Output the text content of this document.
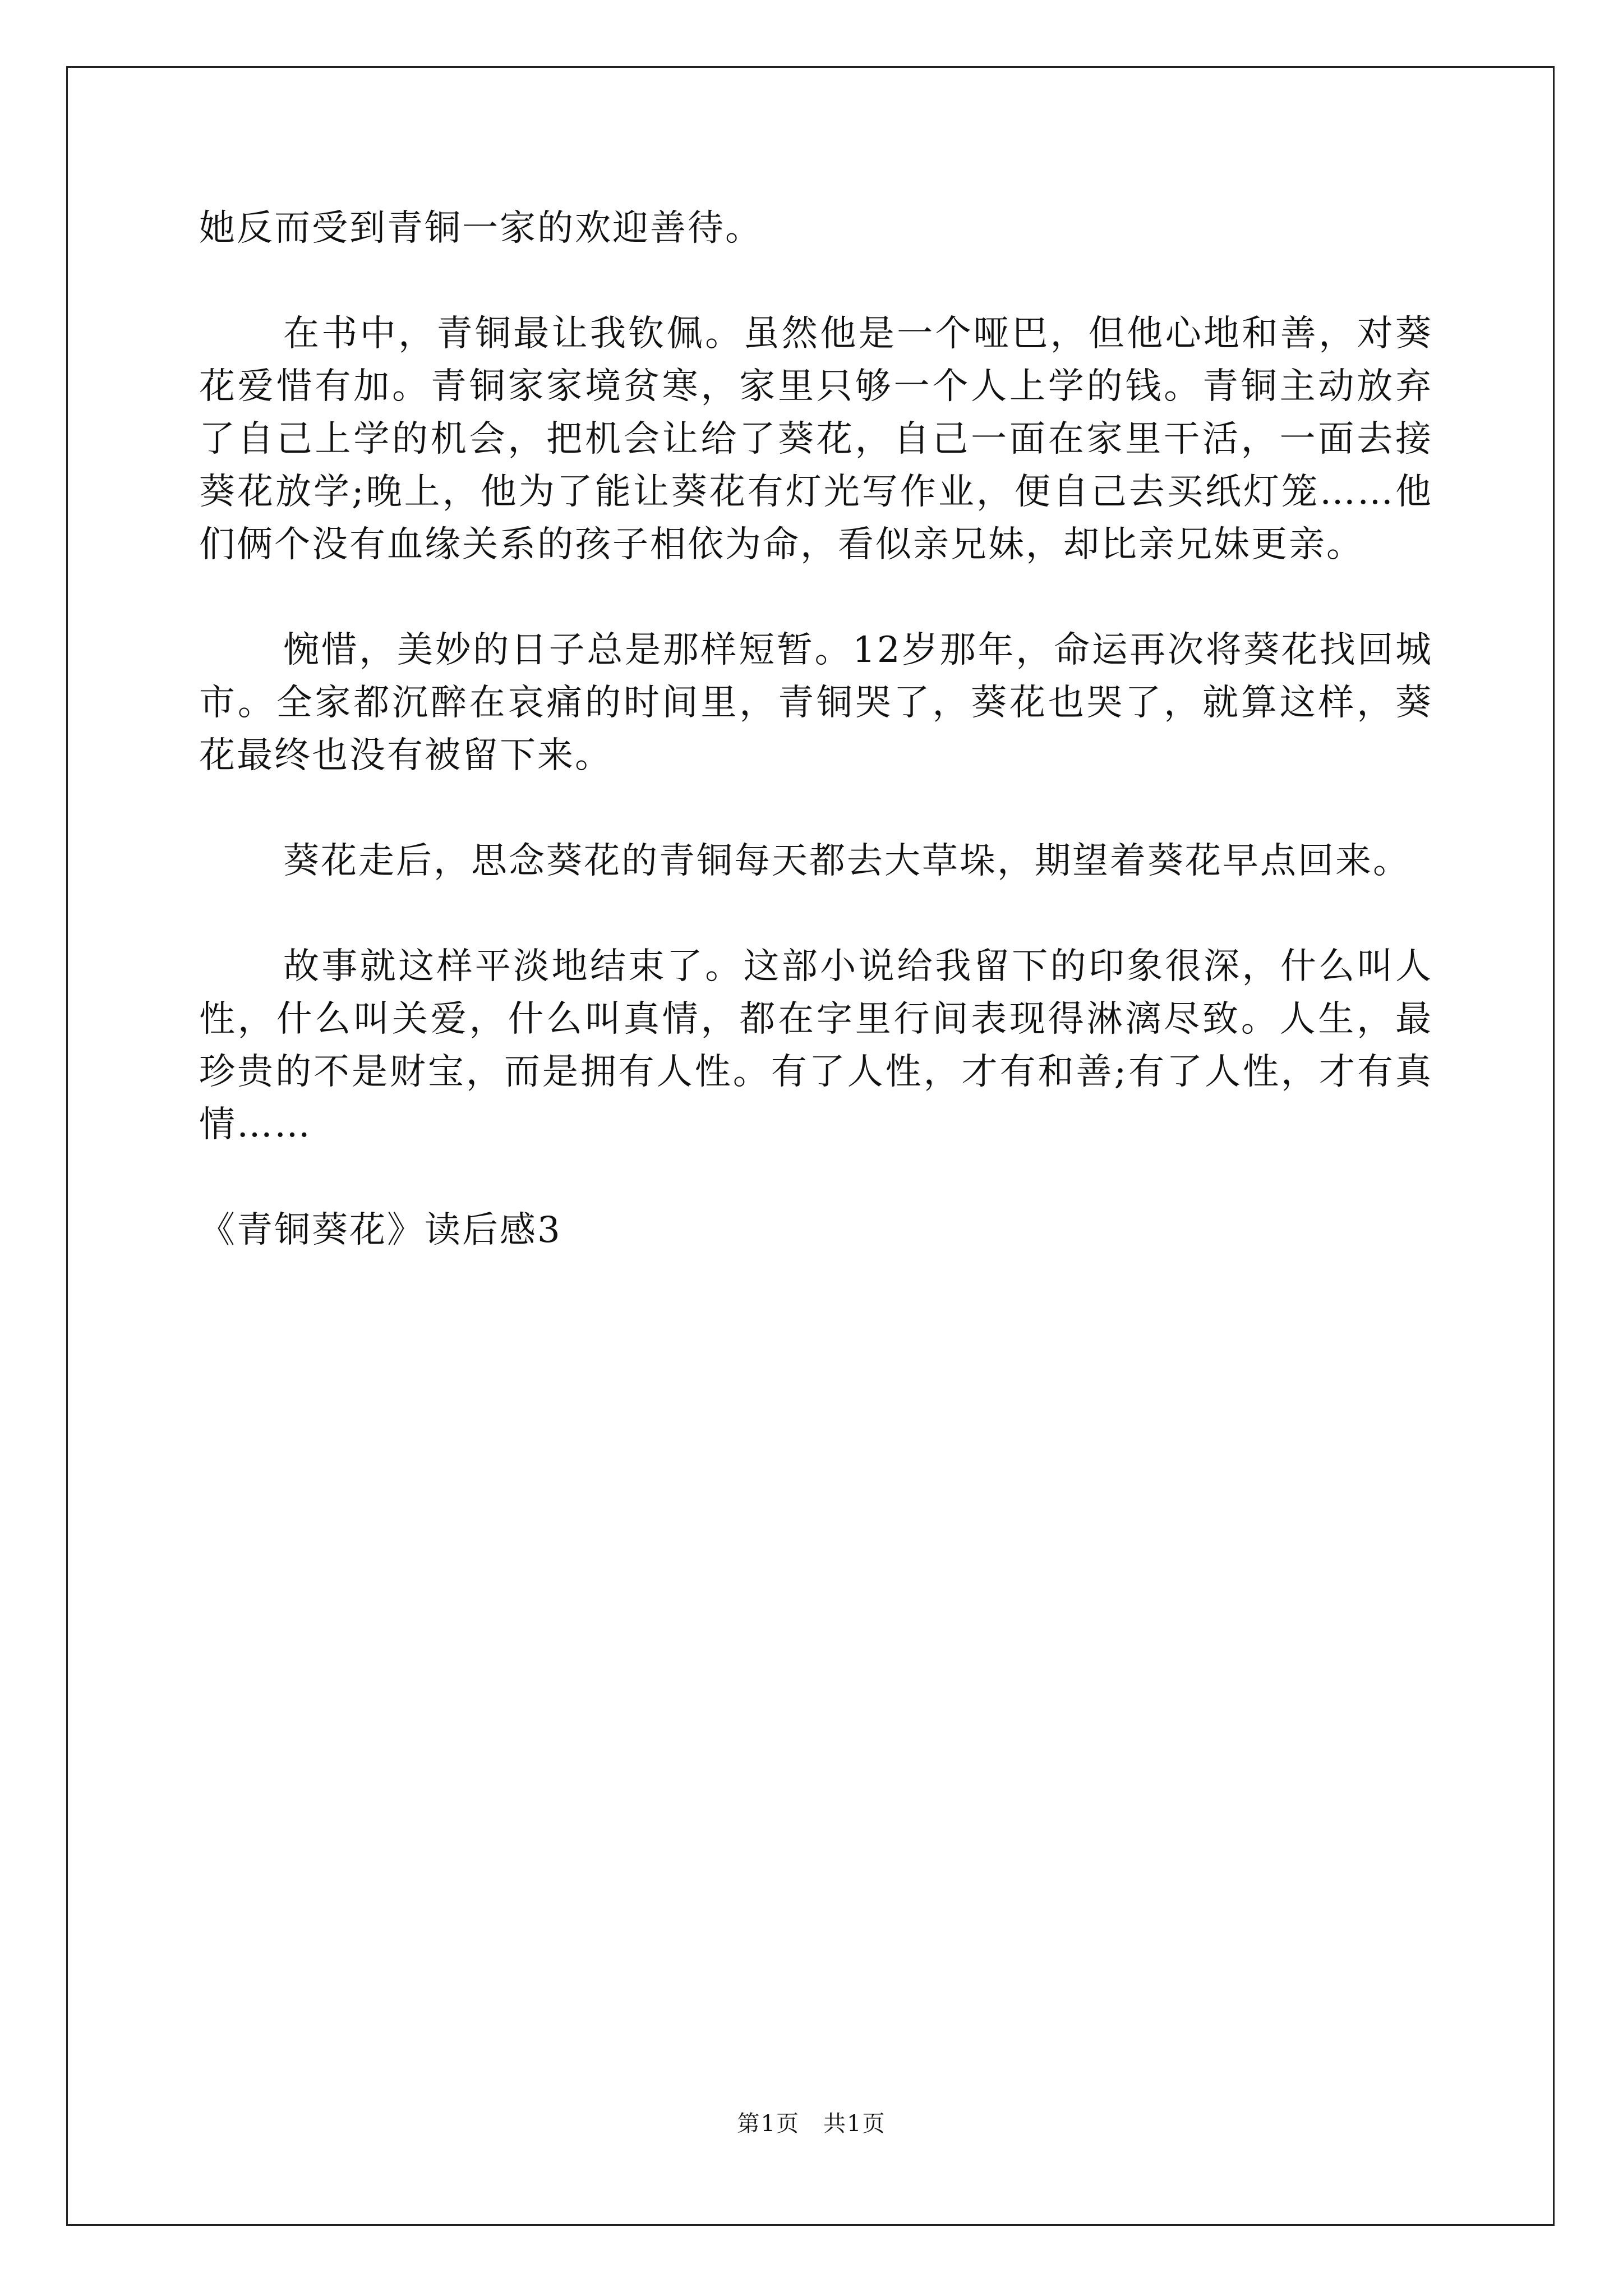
她反而受到青铜一家的欢迎善待。

在书中，青铜最让我钦佩。虽然他是一个哑巴，但他心地和善，对葵花爱惜有加。青铜家家境贫寒，家里只够一个人上学的钱。青铜主动放弃了自己上学的机会，把机会让给了葵花，自己一面在家里干活，一面去接葵花放学;晚上，他为了能让葵花有灯光写作业，便自己去买纸灯笼……他们俩个没有血缘关系的孩子相依为命，看似亲兄妹，却比亲兄妹更亲。

惋惜，美妙的日子总是那样短暂。12岁那年，命运再次将葵花找回城市。全家都沉醉在哀痛的时间里，青铜哭了，葵花也哭了，就算这样，葵花最终也没有被留下来。

葵花走后，思念葵花的青铜每天都去大草垛，期望着葵花早点回来。

故事就这样平淡地结束了。这部小说给我留下的印象很深，什么叫人性，什么叫关爱，什么叫真情，都在字里行间表现得淋漓尽致。人生，最珍贵的不是财宝，而是拥有人性。有了人性，才有和善;有了人性，才有真情……

《青铜葵花》读后感3

第1页　共1页
